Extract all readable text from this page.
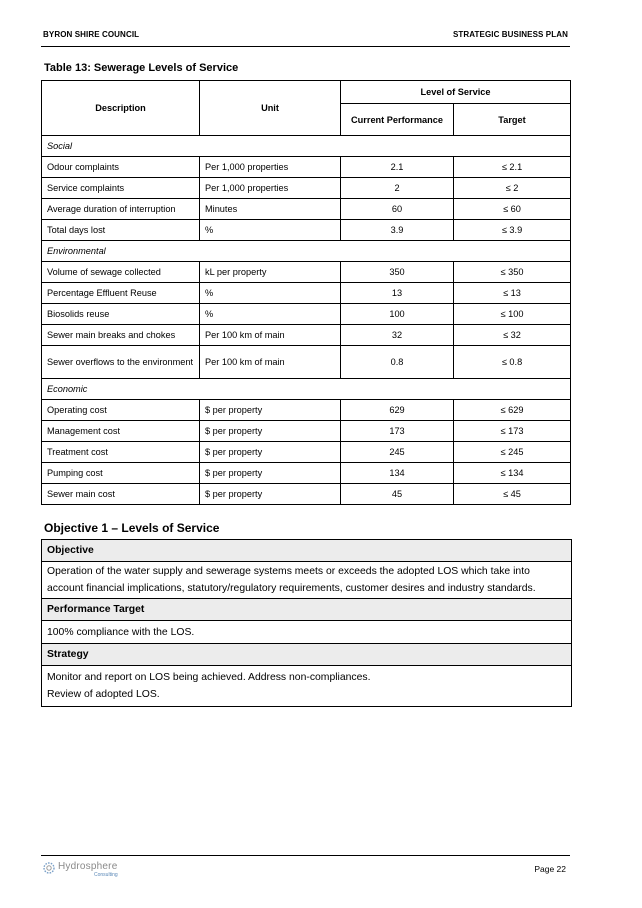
BYRON SHIRE COUNCIL	STRATEGIC BUSINESS PLAN
Table 13: Sewerage Levels of Service
Description	Unit	Level of Service	
		Current Performance	Target
Social			
Odour complaints	Per 1,000 properties	2.1	≤ 2.1
Service complaints	Per 1,000 properties	2	≤ 2
Average duration of interruption	Minutes	60	≤ 60
Total days lost	%	3.9	≤ 3.9
Environmental			
Volume of sewage collected	kL per property	350	≤ 350
Percentage Effluent Reuse	%	13	≤ 13
Biosolids reuse	%	100	≤ 100
Sewer main breaks and chokes	Per 100 km of main	32	≤ 32
Sewer overflows to the environment	Per 100 km of main	0.8	≤ 0.8
Economic			
Operating cost	$ per property	629	≤ 629
Management cost	$ per property	173	≤ 173
Treatment cost	$ per property	245	≤ 245
Pumping cost	$ per property	134	≤ 134
Sewer main cost	$ per property	45	≤ 45
Objective 1 – Levels of Service
Objective
Operation of the water supply and sewerage systems meets or exceeds the adopted LOS which take into account financial implications, statutory/regulatory requirements, customer desires and industry standards.
Performance Target
100% compliance with the LOS.
Strategy

Monitor and report on LOS being achieved. Address non-compliances.
Review of adopted LOS.
Hydrosphere
Consulting
Page 22
